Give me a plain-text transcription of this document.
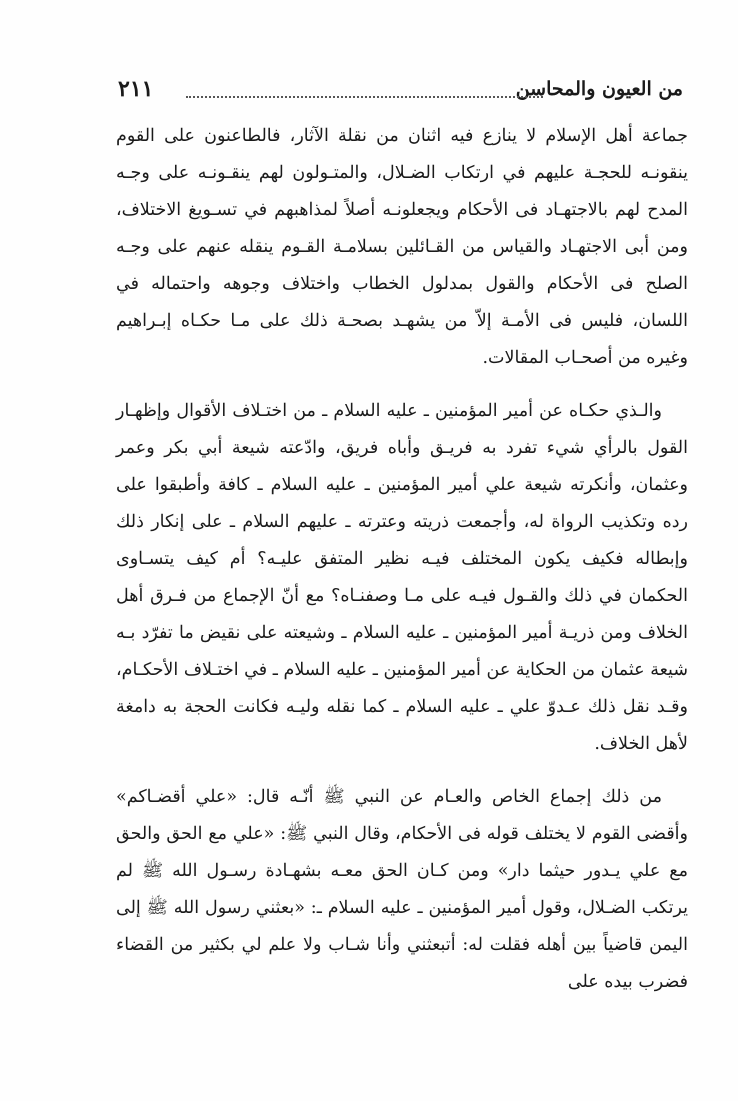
من العيون والمحاسن
٢١١

جماعة أهل الإسلام لا ينازع فيه اثنان من نقلة الآثار، فالطاعنون على القوم ينقونـه للحجـة عليهم في ارتكاب الضـلال، والمتـولون لهم ينقـونـه على وجـه المدح لهم بالاجتهـاد فى الأحكام ويجعلونـه أصلاً لمذاهبهم في تسـويغ الاختلاف، ومن أبى الاجتهـاد والقياس من القـائلين بسلامـة القـوم ينقله عنهم على وجـه الصلح فى الأحكام والقول بمدلول الخطاب واختلاف وجوهه واحتماله في اللسان، فليس فى الأمـة إلاّ من يشهـد بصحـة ذلك على مـا حكـاه إبـراهيم وغيره من أصحـاب المقالات.

والـذي حكـاه عن أمير المؤمنين ـ عليه السلام ـ من اختـلاف الأقوال وإظهـار القول بالرأي شيء تفرد به فريـق وأباه فريق، وادّعته شيعة أبي بكر وعمر وعثمان، وأنكرته شيعة علي أمير المؤمنين ـ عليه السلام ـ كافة وأطبقوا على رده وتكذيب الرواة له، وأجمعت ذريته وعترته ـ عليهم السلام ـ على إنكار ذلك وإبطاله فكيف يكون المختلف فيـه نظير المتفق عليـه؟ أم كيف يتسـاوى الحكمان في ذلك والقـول فيـه على مـا وصفنـاه؟ مع أنّ الإجماع من فـرق أهل الخلاف ومن ذريـة أمير المؤمنين ـ عليه السلام ـ وشيعته على نقيض ما تفرّد بـه شيعة عثمان من الحكاية عن أمير المؤمنين ـ عليه السلام ـ في اختـلاف الأحكـام، وقـد نقل ذلك عـدوّ علي ـ عليه السلام ـ كما نقله وليـه فكانت الحجة به دامغة لأهل الخلاف.

من ذلك إجماع الخاص والعـام عن النبي ﷺ أنّـه قال: «علي أقضـاكم» وأقضى القوم لا يختلف قوله فى الأحكام، وقال النبي ﷺ: «علي مع الحق والحق مع علي يـدور حيثما دار» ومن كـان الحق معـه بشهـادة رسـول الله ﷺ لم يرتكب الضـلال، وقول أمير المؤمنين ـ عليه السلام ـ: «بعثني رسول الله ﷺ إلى اليمن قاضياً بين أهله فقلت له: أتبعثني وأنا شـاب ولا علم لي بكثير من القضاء فضرب بيده على
